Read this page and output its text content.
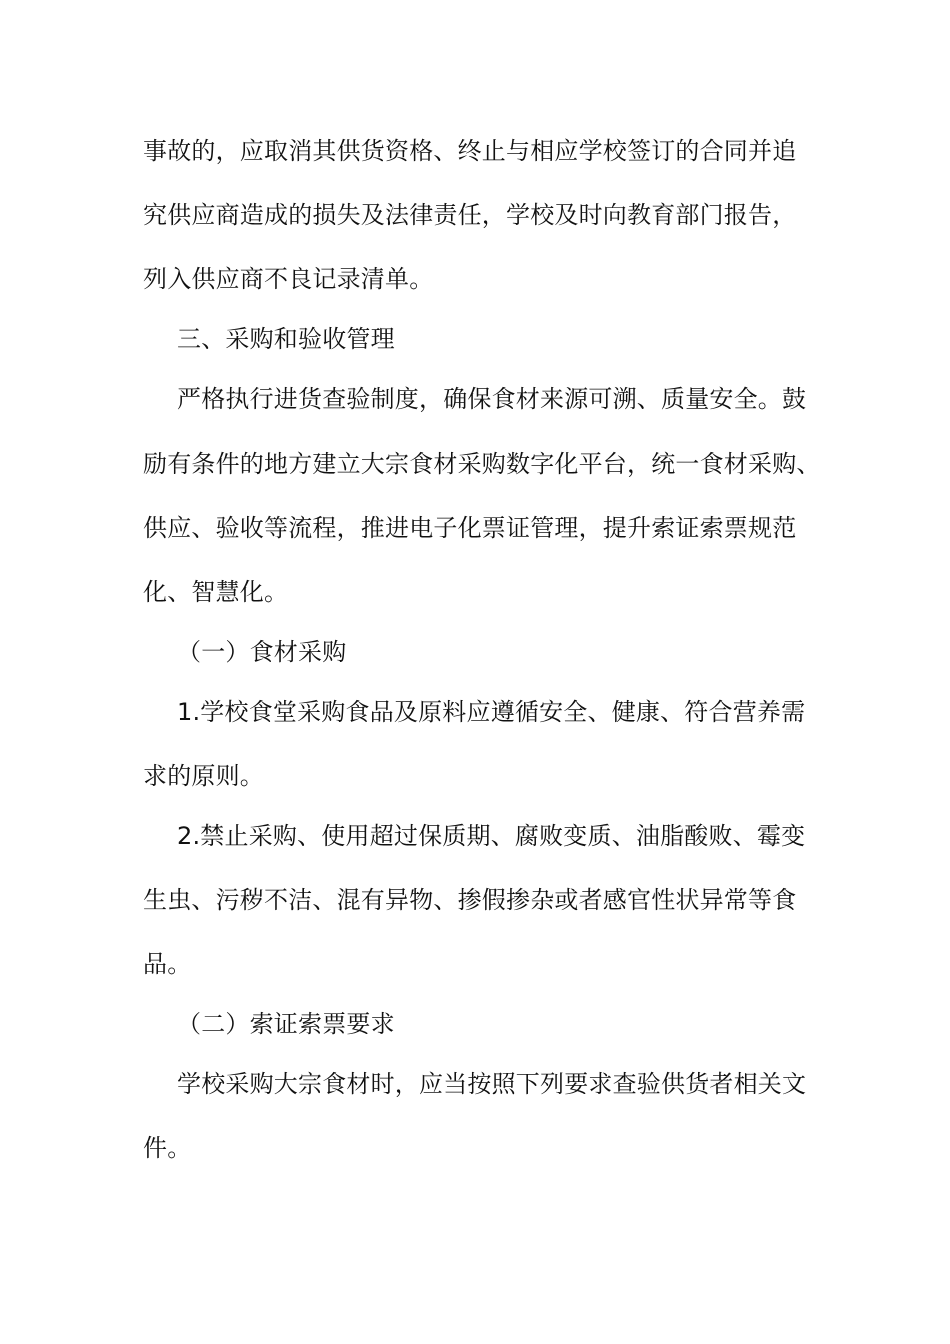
事故的，应取消其供货资格、终止与相应学校签订的合同并追
究供应商造成的损失及法律责任，学校及时向教育部门报告，
列入供应商不良记录清单。
三、采购和验收管理
严格执行进货查验制度，确保食材来源可溯、质量安全。鼓
励有条件的地方建立大宗食材采购数字化平台，统一食材采购、
供应、验收等流程，推进电子化票证管理，提升索证索票规范
化、智慧化。
（一）食材采购
1.学校食堂采购食品及原料应遵循安全、健康、符合营养需
求的原则。
2.禁止采购、使用超过保质期、腐败变质、油脂酸败、霉变
生虫、污秽不洁、混有异物、掺假掺杂或者感官性状异常等食
品。
（二）索证索票要求
学校采购大宗食材时，应当按照下列要求查验供货者相关文
件。
